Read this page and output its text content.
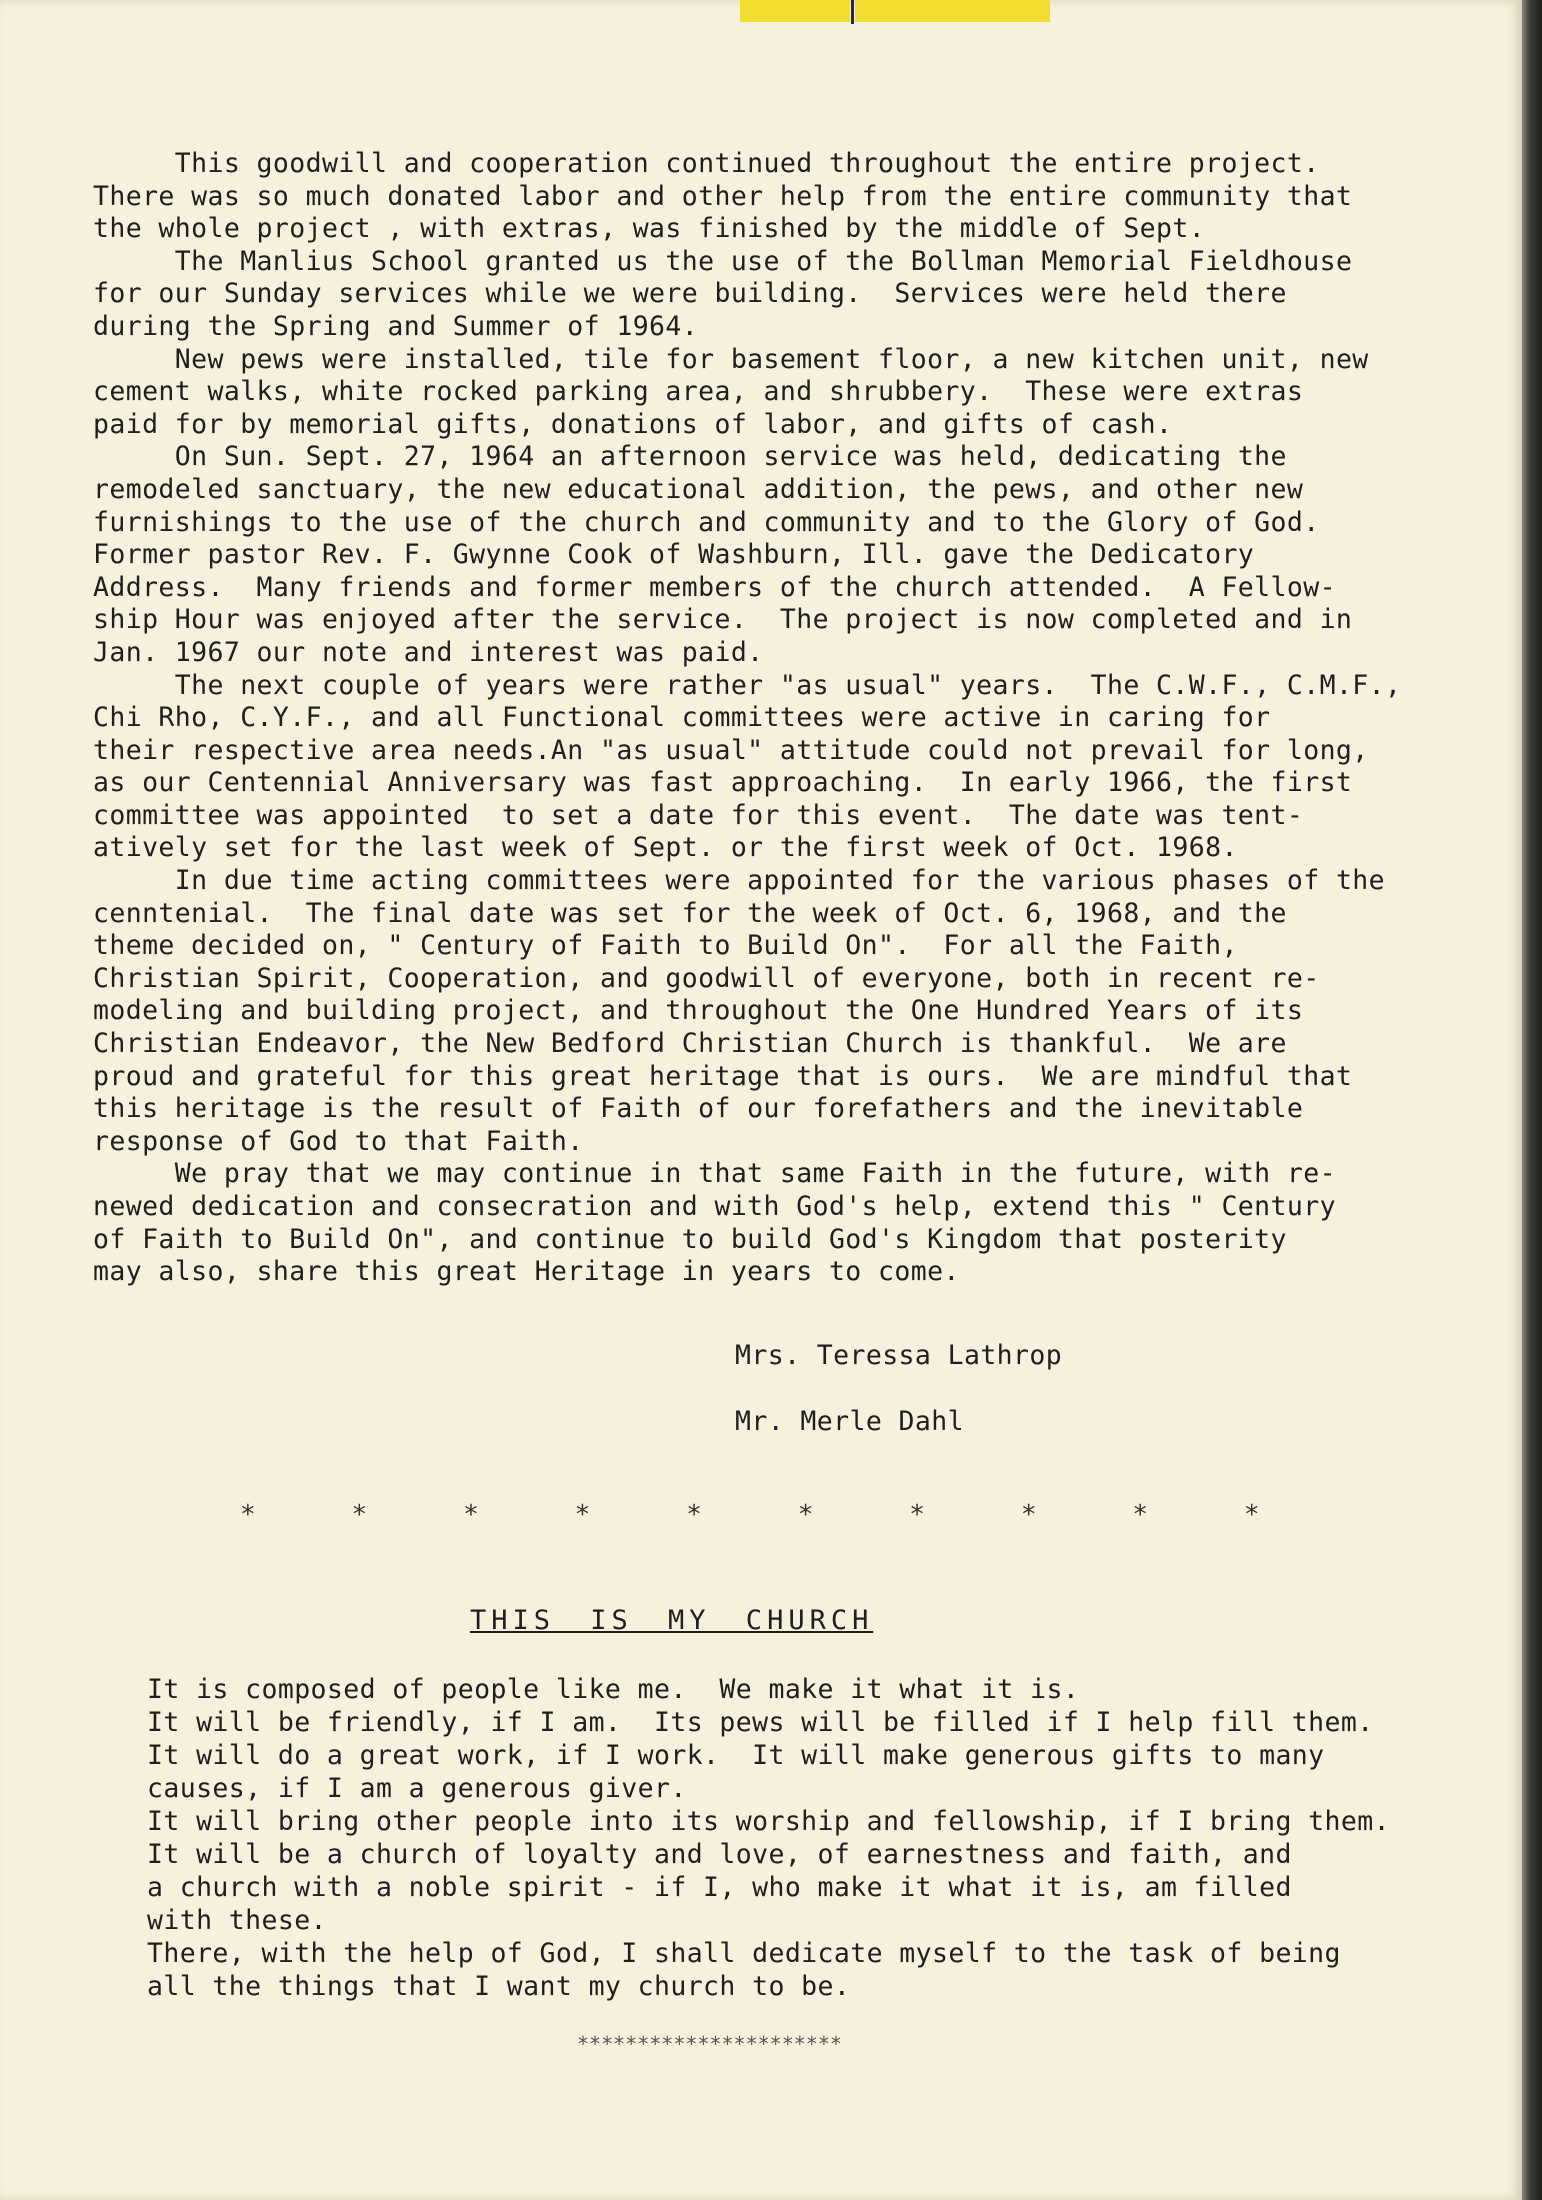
This goodwill and cooperation continued throughout the entire project.

There was so much donated labor and other help from the entire community that

the whole project , with extras, was finished by the middle of Sept.

The Manlius School granted us the use of the Bollman Memorial Fieldhouse

for our Sunday services while we were building.  Services were held there

during the Spring and Summer of 1964.

New pews were installed, tile for basement floor, a new kitchen unit, new

cement walks, white rocked parking area, and shrubbery.  These were extras

paid for by memorial gifts, donations of labor, and gifts of cash.

On Sun. Sept. 27, 1964 an afternoon service was held, dedicating the

remodeled sanctuary, the new educational addition, the pews, and other new

furnishings to the use of the church and community and to the Glory of God.

Former pastor Rev. F. Gwynne Cook of Washburn, Ill. gave the Dedicatory

Address.  Many friends and former members of the church attended.  A Fellow-

ship Hour was enjoyed after the service.  The project is now completed and in

Jan. 1967 our note and interest was paid.

The next couple of years were rather "as usual" years.  The C.W.F., C.M.F.,

Chi Rho, C.Y.F., and all Functional committees were active in caring for

their respective area needs.An "as usual" attitude could not prevail for long,

as our Centennial Anniversary was fast approaching.  In early 1966, the first

committee was appointed  to set a date for this event.  The date was tent-

atively set for the last week of Sept. or the first week of Oct. 1968.

In due time acting committees were appointed for the various phases of the

cenntenial.  The final date was set for the week of Oct. 6, 1968, and the

theme decided on, " Century of Faith to Build On".  For all the Faith,

Christian Spirit, Cooperation, and goodwill of everyone, both in recent re-

modeling and building project, and throughout the One Hundred Years of its

Christian Endeavor, the New Bedford Christian Church is thankful.  We are

proud and grateful for this great heritage that is ours.  We are mindful that

this heritage is the result of Faith of our forefathers and the inevitable

response of God to that Faith.

We pray that we may continue in that same Faith in the future, with re-

newed dedication and consecration and with God's help, extend this " Century

of Faith to Build On", and continue to build God's Kingdom that posterity

may also, share this great Heritage in years to come.

Mrs. Teressa Lathrop

Mr. Merle Dahl

*	*	*	*	*	*	*	*	*	*
THIS IS MY CHURCH

It is composed of people like me.  We make it what it is.

It will be friendly, if I am.  Its pews will be filled if I help fill them.

It will do a great work, if I work.  It will make generous gifts to many

causes, if I am a generous giver.

It will bring other people into its worship and fellowship, if I bring them.

It will be a church of loyalty and love, of earnestness and faith, and

a church with a noble spirit - if I, who make it what it is, am filled

with these.

There, with the help of God, I shall dedicate myself to the task of being

all the things that I want my church to be.

**********************
